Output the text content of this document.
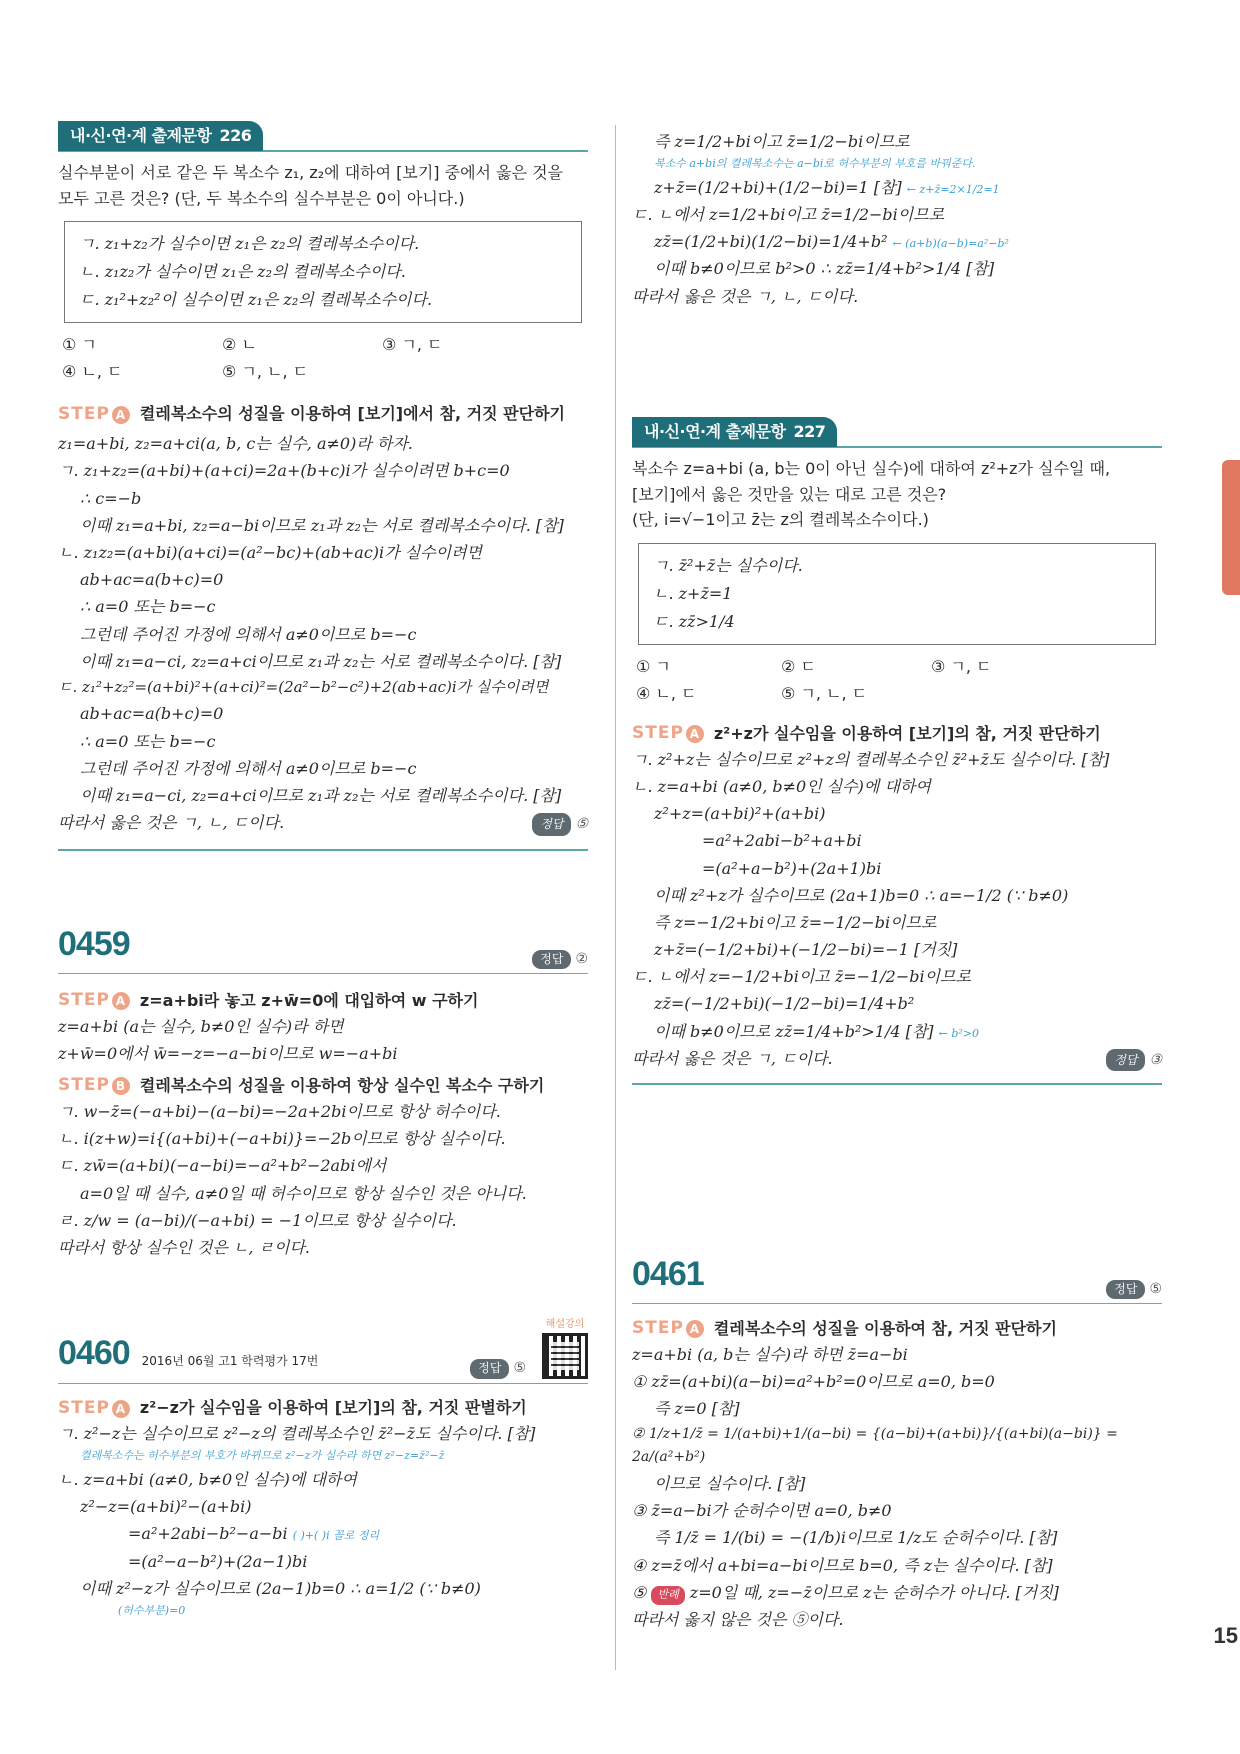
15
내·신·연·계 출제문항 226
실수부분이 서로 같은 두 복소수 z₁, z₂에 대하여 [보기] 중에서 옳은 것을
모두 고른 것은? (단, 두 복소수의 실수부분은 0이 아니다.)
ㄱ. z₁+z₂가 실수이면 z₁은 z₂의 켤레복소수이다.
ㄴ. z₁z₂가 실수이면 z₁은 z₂의 켤레복소수이다.
ㄷ. z₁²+z₂²이 실수이면 z₁은 z₂의 켤레복소수이다.
① ㄱ	② ㄴ	③ ㄱ, ㄷ
④ ㄴ, ㄷ	⑤ ㄱ, ㄴ, ㄷ
STEP A 켤레복소수의 성질을 이용하여 [보기]에서 참, 거짓 판단하기
z₁=a+bi, z₂=a+ci(a, b, c는 실수, a≠0)라 하자.
ㄱ. z₁+z₂=(a+bi)+(a+ci)=2a+(b+c)i가 실수이려면 b+c=0
∴ c=−b
이때 z₁=a+bi, z₂=a−bi이므로 z₁과 z₂는 서로 켤레복소수이다. [참]
ㄴ. z₁z₂=(a+bi)(a+ci)=(a²−bc)+(ab+ac)i가 실수이려면
ab+ac=a(b+c)=0
∴ a=0 또는 b=−c
그런데 주어진 가정에 의해서 a≠0이므로 b=−c
이때 z₁=a−ci, z₂=a+ci이므로 z₁과 z₂는 서로 켤레복소수이다. [참]
ㄷ. z₁²+z₂²=(a+bi)²+(a+ci)²=(2a²−b²−c²)+2(ab+ac)i가 실수이려면
ab+ac=a(b+c)=0
∴ a=0 또는 b=−c
그런데 주어진 가정에 의해서 a≠0이므로 b=−c
이때 z₁=a−ci, z₂=a+ci이므로 z₁과 z₂는 서로 켤레복소수이다. [참]
따라서 옳은 것은 ㄱ, ㄴ, ㄷ이다.	정답 ⑤
0459	정답 ②
STEP A z=a+bi라 놓고 z+w̄=0에 대입하여 w 구하기
z=a+bi (a는 실수, b≠0인 실수)라 하면
z+w̄=0에서 w̄=−z=−a−bi이므로 w=−a+bi
STEP B 켤레복소수의 성질을 이용하여 항상 실수인 복소수 구하기
ㄱ. w−z̄=(−a+bi)−(a−bi)=−2a+2bi이므로 항상 허수이다.
ㄴ. i(z+w)=i{(a+bi)+(−a+bi)}=−2b이므로 항상 실수이다.
ㄷ. zw̄=(a+bi)(−a−bi)=−a²+b²−2abi에서
a=0일 때 실수, a≠0일 때 허수이므로 항상 실수인 것은 아니다.
ㄹ. z/w = (a−bi)/(−a+bi) = −1이므로 항상 실수이다.
따라서 항상 실수인 것은 ㄴ, ㄹ이다.
0460 2016년 06월 고1 학력평가 17번	정답 ⑤
해설강의
STEP A z²−z가 실수임을 이용하여 [보기]의 참, 거짓 판별하기
ㄱ. z²−z는 실수이므로 z²−z의 켤레복소수인 z̄²−z̄도 실수이다. [참]
켤레복소수는 허수부분의 부호가 바뀌므로 z²−z가 실수라 하면 z²−z=z̄²−z̄
ㄴ. z=a+bi (a≠0, b≠0인 실수)에 대하여
z²−z=(a+bi)²−(a+bi)
=a²+2abi−b²−a−bi ( )+( )i 꼴로 정리
=(a²−a−b²)+(2a−1)bi
이때 z²−z가 실수이므로 (2a−1)b=0 ∴ a=1/2 (∵ b≠0)
(허수부분)=0
즉 z=1/2+bi이고 z̄=1/2−bi이므로
복소수 a+bi의 켤레복소수는 a−bi로 허수부분의 부호를 바꿔준다.
z+z̄=(1/2+bi)+(1/2−bi)=1 [참] ← z+z̄=2×1/2=1
ㄷ. ㄴ에서 z=1/2+bi이고 z̄=1/2−bi이므로
zz̄=(1/2+bi)(1/2−bi)=1/4+b² ← (a+b)(a−b)=a²−b²
이때 b≠0이므로 b²>0 ∴ zz̄=1/4+b²>1/4 [참]
따라서 옳은 것은 ㄱ, ㄴ, ㄷ이다.
내·신·연·계 출제문항 227
복소수 z=a+bi (a, b는 0이 아닌 실수)에 대하여 z²+z가 실수일 때,
[보기]에서 옳은 것만을 있는 대로 고른 것은?
(단, i=√−1이고 z̄는 z의 켤레복소수이다.)
ㄱ. z̄²+z̄는 실수이다.
ㄴ. z+z̄=1
ㄷ. zz̄>1/4
① ㄱ	② ㄷ	③ ㄱ, ㄷ
④ ㄴ, ㄷ	⑤ ㄱ, ㄴ, ㄷ
STEP A z²+z가 실수임을 이용하여 [보기]의 참, 거짓 판단하기
ㄱ. z²+z는 실수이므로 z²+z의 켤레복소수인 z̄²+z̄도 실수이다. [참]
ㄴ. z=a+bi (a≠0, b≠0인 실수)에 대하여
z²+z=(a+bi)²+(a+bi)
=a²+2abi−b²+a+bi
=(a²+a−b²)+(2a+1)bi
이때 z²+z가 실수이므로 (2a+1)b=0 ∴ a=−1/2 (∵ b≠0)
즉 z=−1/2+bi이고 z̄=−1/2−bi이므로
z+z̄=(−1/2+bi)+(−1/2−bi)=−1 [거짓]
ㄷ. ㄴ에서 z=−1/2+bi이고 z̄=−1/2−bi이므로
zz̄=(−1/2+bi)(−1/2−bi)=1/4+b²
이때 b≠0이므로 zz̄=1/4+b²>1/4 [참] ← b²>0
따라서 옳은 것은 ㄱ, ㄷ이다.	정답 ③
0461	정답 ⑤
STEP A 켤레복소수의 성질을 이용하여 참, 거짓 판단하기
z=a+bi (a, b는 실수)라 하면 z̄=a−bi
① zz̄=(a+bi)(a−bi)=a²+b²=0이므로 a=0, b=0
즉 z=0 [참]
② 1/z+1/z̄ = 1/(a+bi)+1/(a−bi) = {(a−bi)+(a+bi)}/{(a+bi)(a−bi)} = 2a/(a²+b²)
이므로 실수이다. [참]
③ z̄=a−bi가 순허수이면 a=0, b≠0
즉 1/z̄ = 1/(bi) = −(1/b)i이므로 1/z도 순허수이다. [참]
④ z=z̄에서 a+bi=a−bi이므로 b=0, 즉 z는 실수이다. [참]
⑤ 반례 z=0일 때, z=−z̄이므로 z는 순허수가 아니다. [거짓]
따라서 옳지 않은 것은 ⑤이다.
